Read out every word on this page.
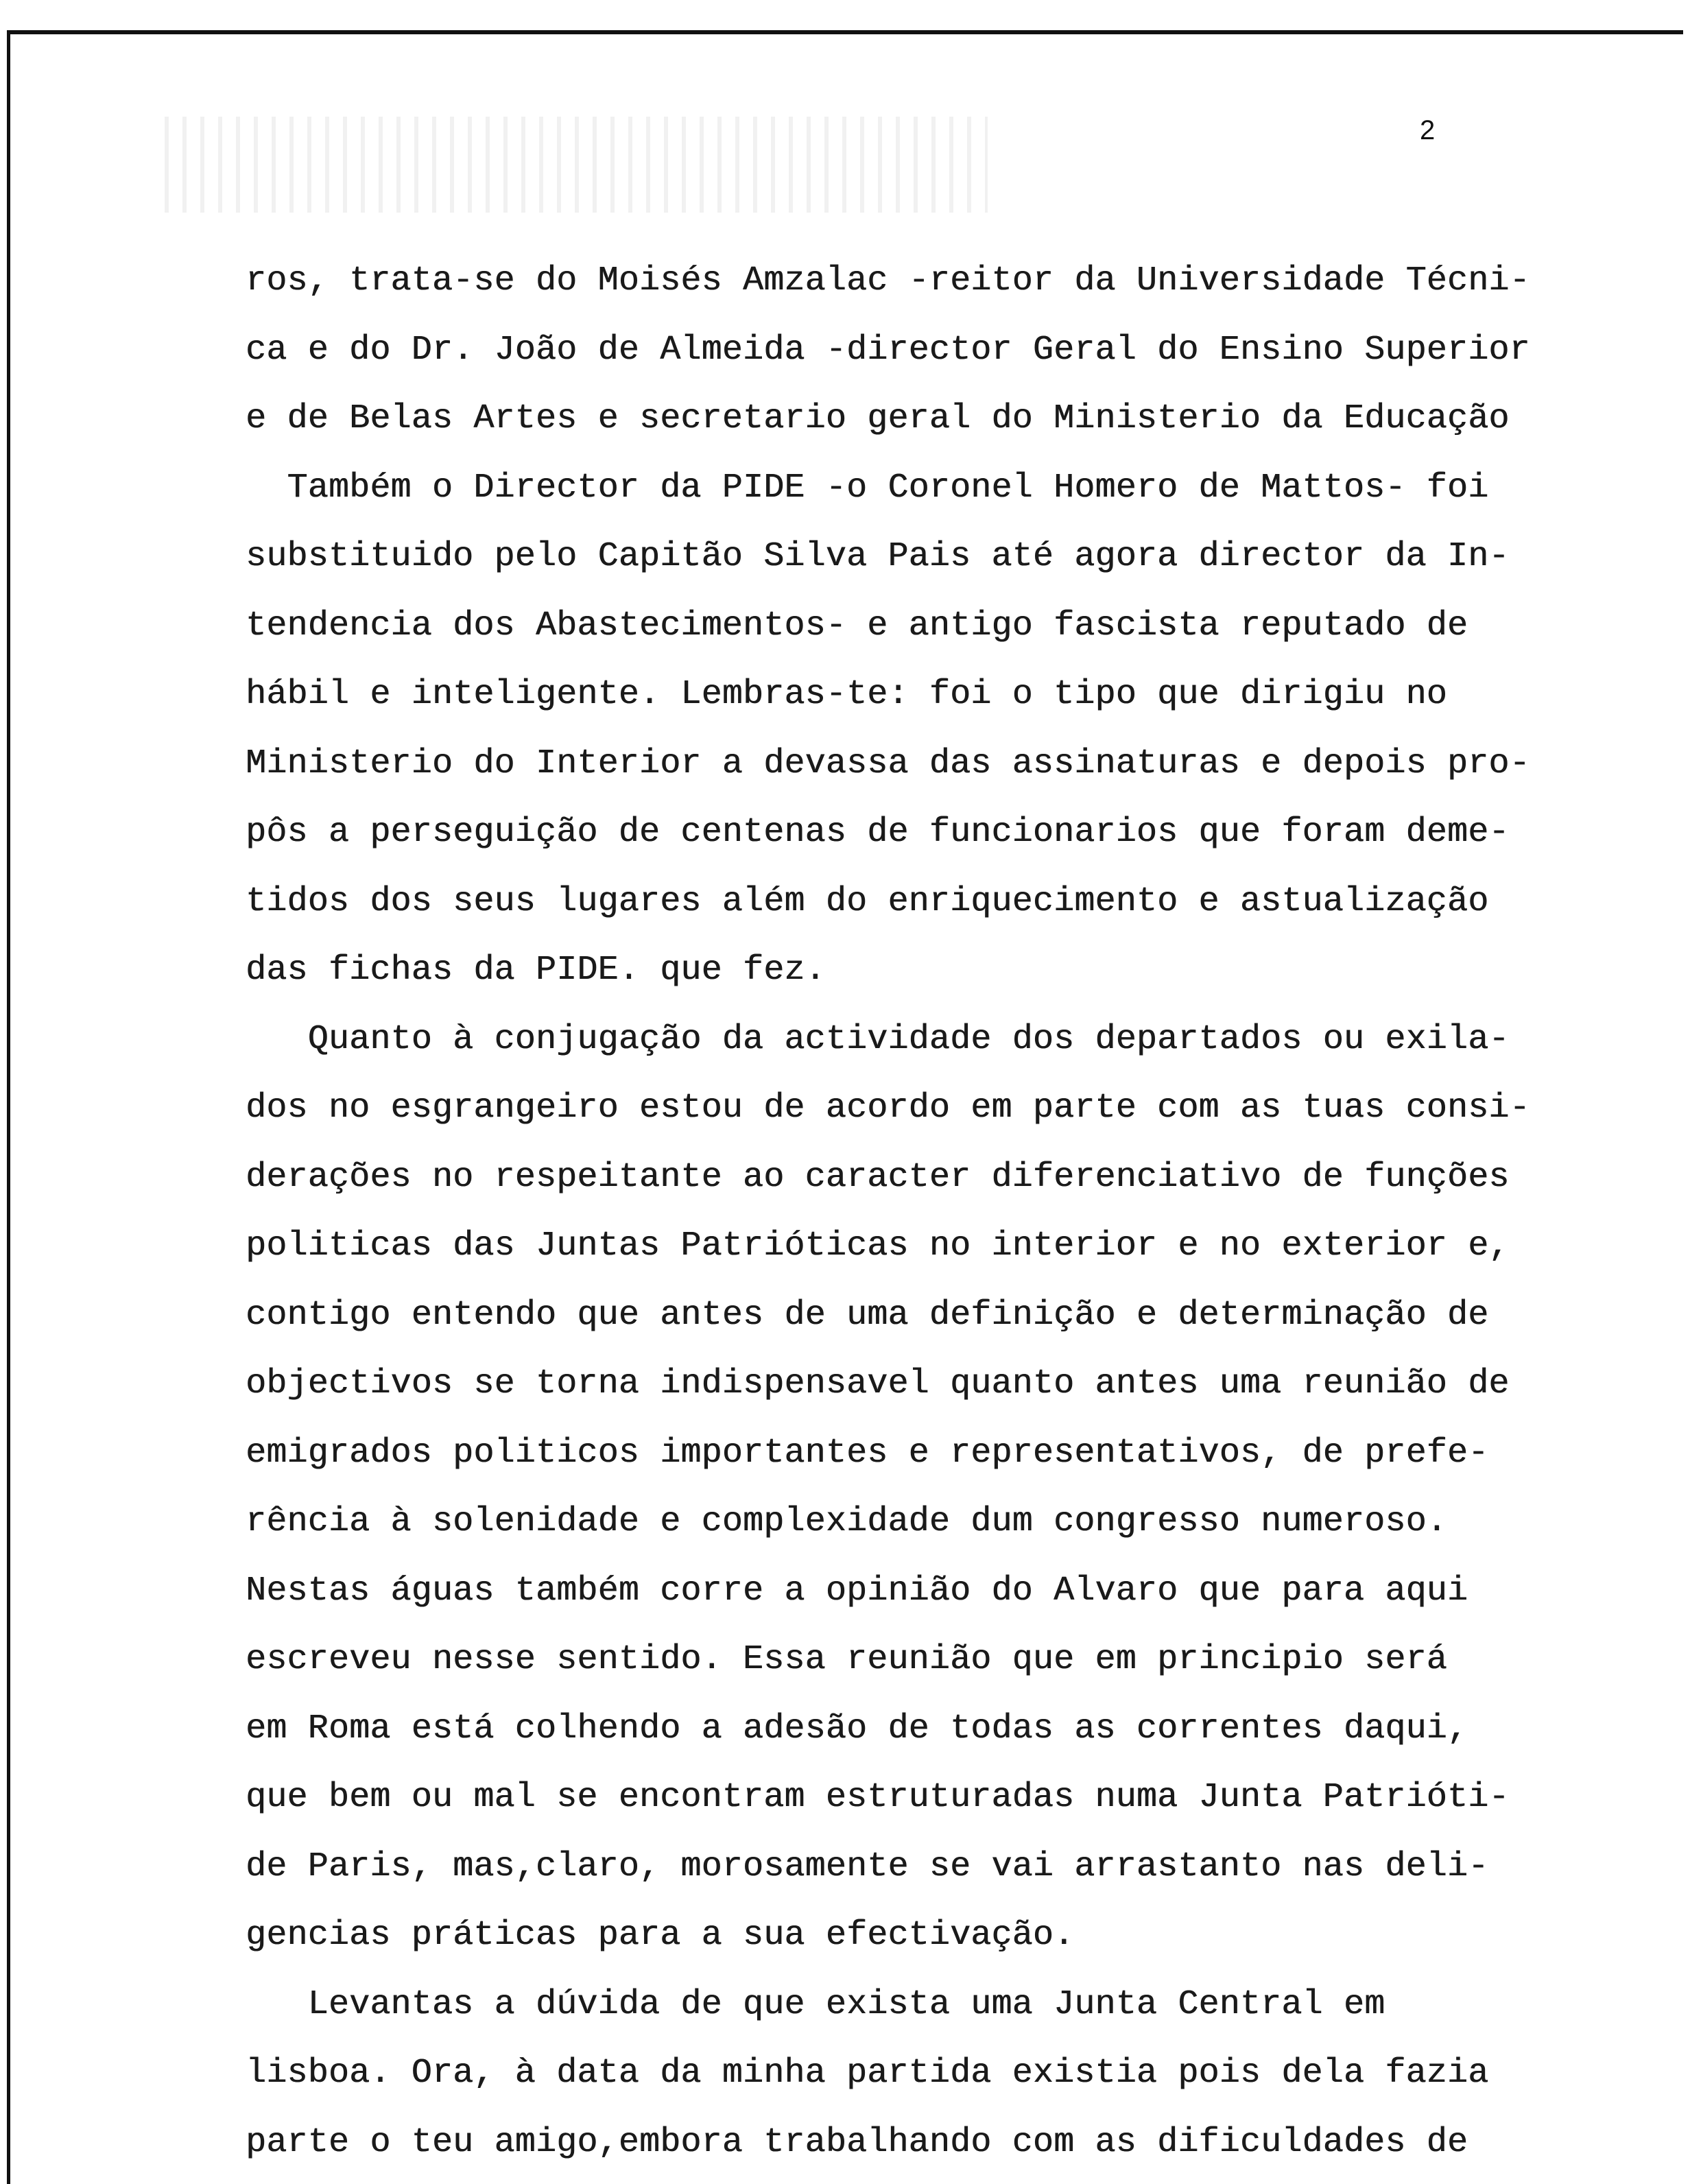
2
ros, trata-se do Moisés Amzalac -reitor da Universidade Técni-
ca e do Dr. João de Almeida -director Geral do Ensino Superior
e de Belas Artes e secretario geral do Ministerio da Educação
Também o Director da PIDE -o Coronel Homero de Mattos- foi
substituido pelo Capitão Silva Pais até agora director da In-
tendencia dos Abastecimentos- e antigo fascista reputado de
hábil e inteligente. Lembras-te: foi o tipo que dirigiu no
Ministerio do Interior a devassa das assinaturas e depois pro-
pôs a perseguição de centenas de funcionarios que foram deme-
tidos dos seus lugares além do enriquecimento e astualização
das fichas da PIDE. que fez.
Quanto à conjugação da actividade dos departados ou exila-
dos no esgrangeiro estou de acordo em parte com as tuas consi-
derações no respeitante ao caracter diferenciativo de funções
politicas das Juntas Patrióticas no interior e no exterior e,
contigo entendo que antes de uma definição e determinação de
objectivos se torna indispensavel quanto antes uma reunião de
emigrados politicos importantes e representativos, de prefe-
rência à solenidade e complexidade dum congresso numeroso.
Nestas águas também corre a opinião do Alvaro que para aqui
escreveu nesse sentido. Essa reunião que em principio será
em Roma está colhendo a adesão de todas as correntes daqui,
que bem ou mal se encontram estruturadas numa Junta Patrióti-
de Paris, mas,claro, morosamente se vai arrastanto nas deli-
gencias práticas para a sua efectivação.
Levantas a dúvida de que exista uma Junta Central em
lisboa. Ora, à data da minha partida existia pois dela fazia
parte o teu amigo,embora trabalhando com as dificuldades de
